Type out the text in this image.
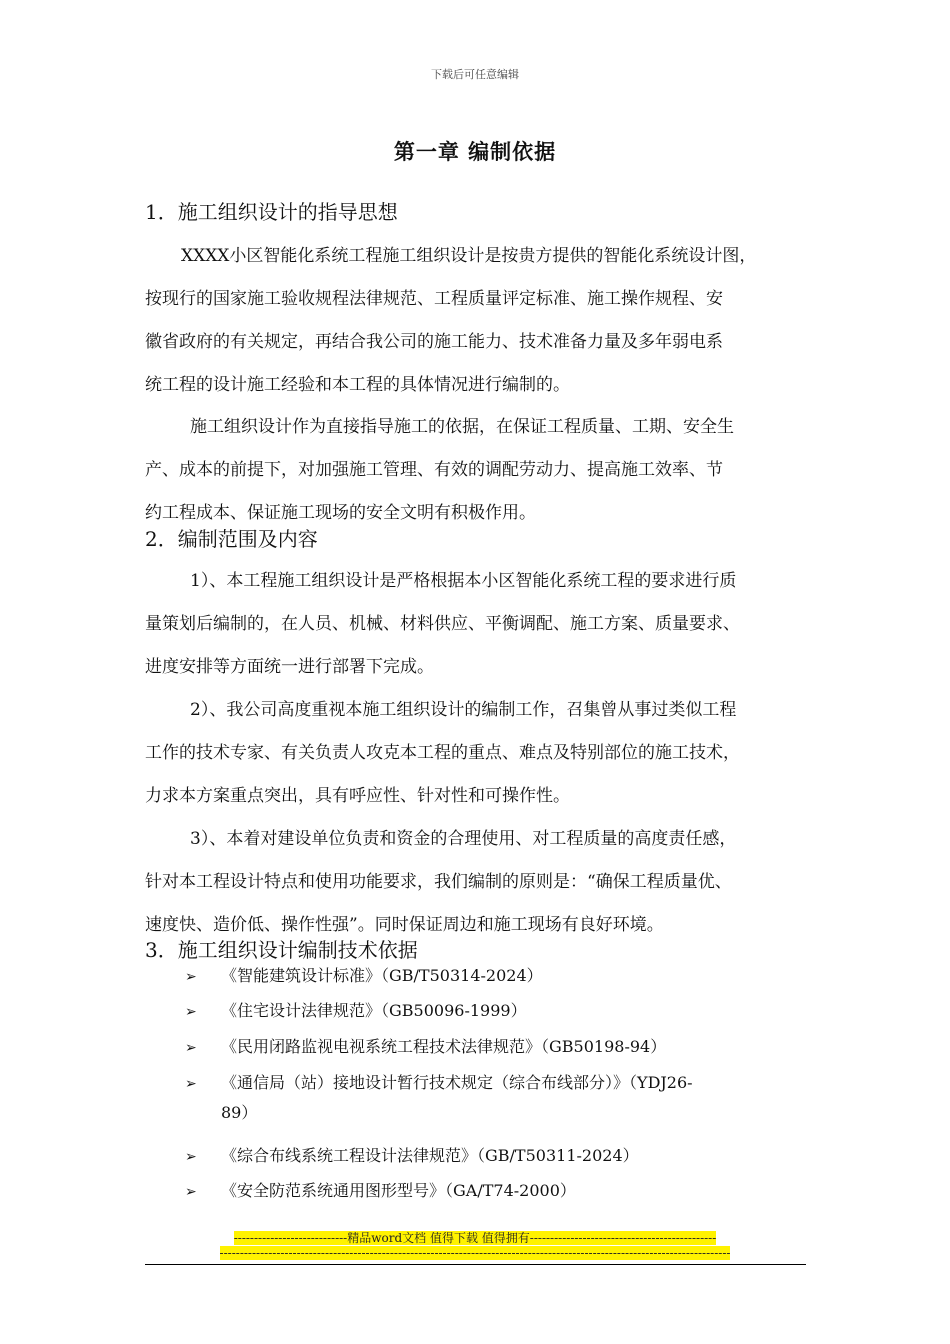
下载后可任意编辑
第一章 编制依据
1．施工组织设计的指导思想
XXXX小区智能化系统工程施工组织设计是按贵方提供的智能化系统设计图，
按现行的国家施工验收规程法律规范、工程质量评定标准、施工操作规程、安
徽省政府的有关规定，再结合我公司的施工能力、技术准备力量及多年弱电系
统工程的设计施工经验和本工程的具体情况进行编制的。
施工组织设计作为直接指导施工的依据，在保证工程质量、工期、安全生
产、成本的前提下，对加强施工管理、有效的调配劳动力、提高施工效率、节
约工程成本、保证施工现场的安全文明有积极作用。
2．编制范围及内容
1）、本工程施工组织设计是严格根据本小区智能化系统工程的要求进行质
量策划后编制的，在人员、机械、材料供应、平衡调配、施工方案、质量要求、
进度安排等方面统一进行部署下完成。
2）、我公司高度重视本施工组织设计的编制工作，召集曾从事过类似工程
工作的技术专家、有关负责人攻克本工程的重点、难点及特别部位的施工技术，
力求本方案重点突出，具有呼应性、针对性和可操作性。
3）、本着对建设单位负责和资金的合理使用、对工程质量的高度责任感，
针对本工程设计特点和使用功能要求，我们编制的原则是：“确保工程质量优、
速度快、造价低、操作性强”。同时保证周边和施工现场有良好环境。
3．施工组织设计编制技术依据
➢ 《智能建筑设计标准》（GB/T50314-2024）
➢ 《住宅设计法律规范》（GB50096-1999）
➢ 《民用闭路监视电视系统工程技术法律规范》（GB50198-94）
➢ 《通信局（站）接地设计暂行技术规定（综合布线部分）》（YDJ26-
89）
➢ 《综合布线系统工程设计法律规范》（GB/T50311-2024）
➢ 《安全防范系统通用图形型号》（GA/T74-2000）
----------------------------精品word文档 值得下载 值得拥有----------------------------------------------
------------------------------------------------------------------------------------------------------------------------------
